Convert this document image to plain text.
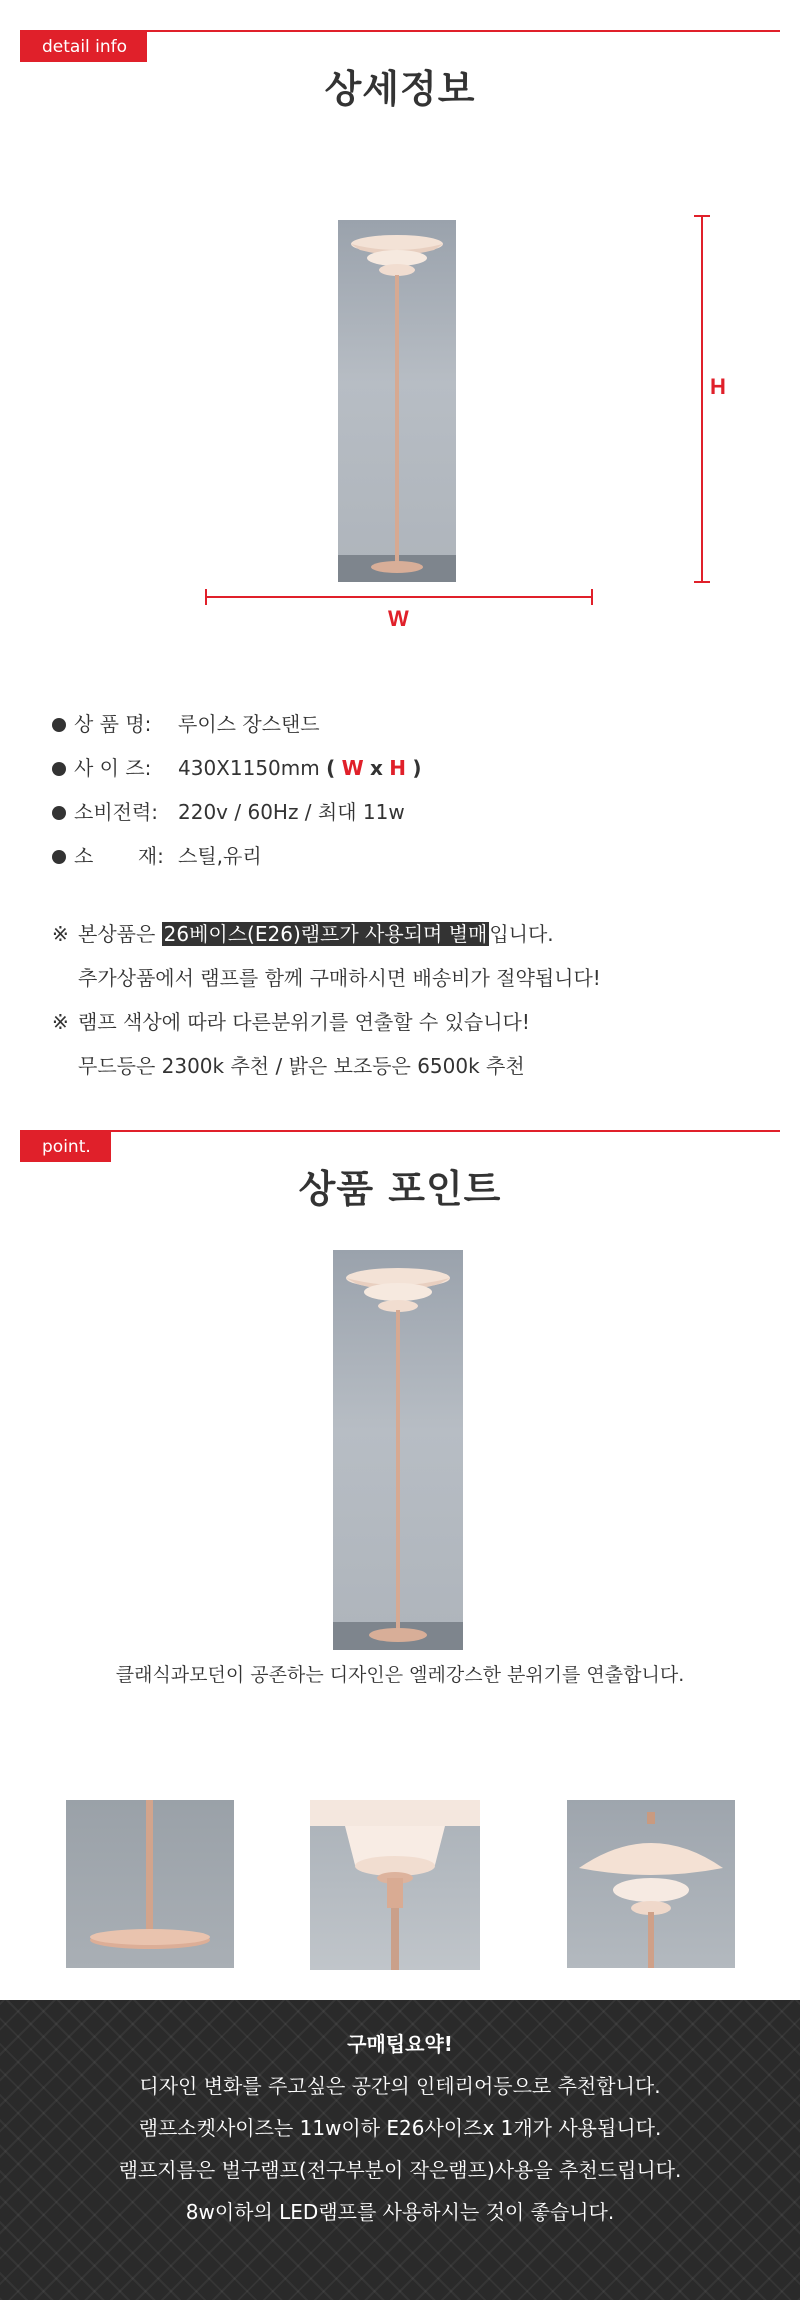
detail info
상세정보
H
W
상 품 명: 루이스 장스탠드
사 이 즈: 430X1150mm ( W x H )
소비전력: 220v / 60Hz / 최대 11w
소       재: 스틸,유리
※ 본상품은 26베이스(E26)램프가 사용되며 별매 입니다.
추가상품에서 램프를 함께 구매하시면 배송비가 절약됩니다!
※ 램프 색상에 따라 다른분위기를 연출할 수 있습니다!
무드등은 2300k 추천 / 밝은 보조등은 6500k 추천
point.
상품 포인트
클래식과모던이 공존하는 디자인은 엘레강스한 분위기를 연출합니다.
구매팁요약!
디자인 변화를 주고싶은 공간의 인테리어등으로 추천합니다.
램프소켓사이즈는 11w이하 E26사이즈x 1개가 사용됩니다.
램프지름은 벌구램프(전구부분이 작은램프)사용을 추천드립니다.
8w이하의 LED램프를 사용하시는 것이 좋습니다.
